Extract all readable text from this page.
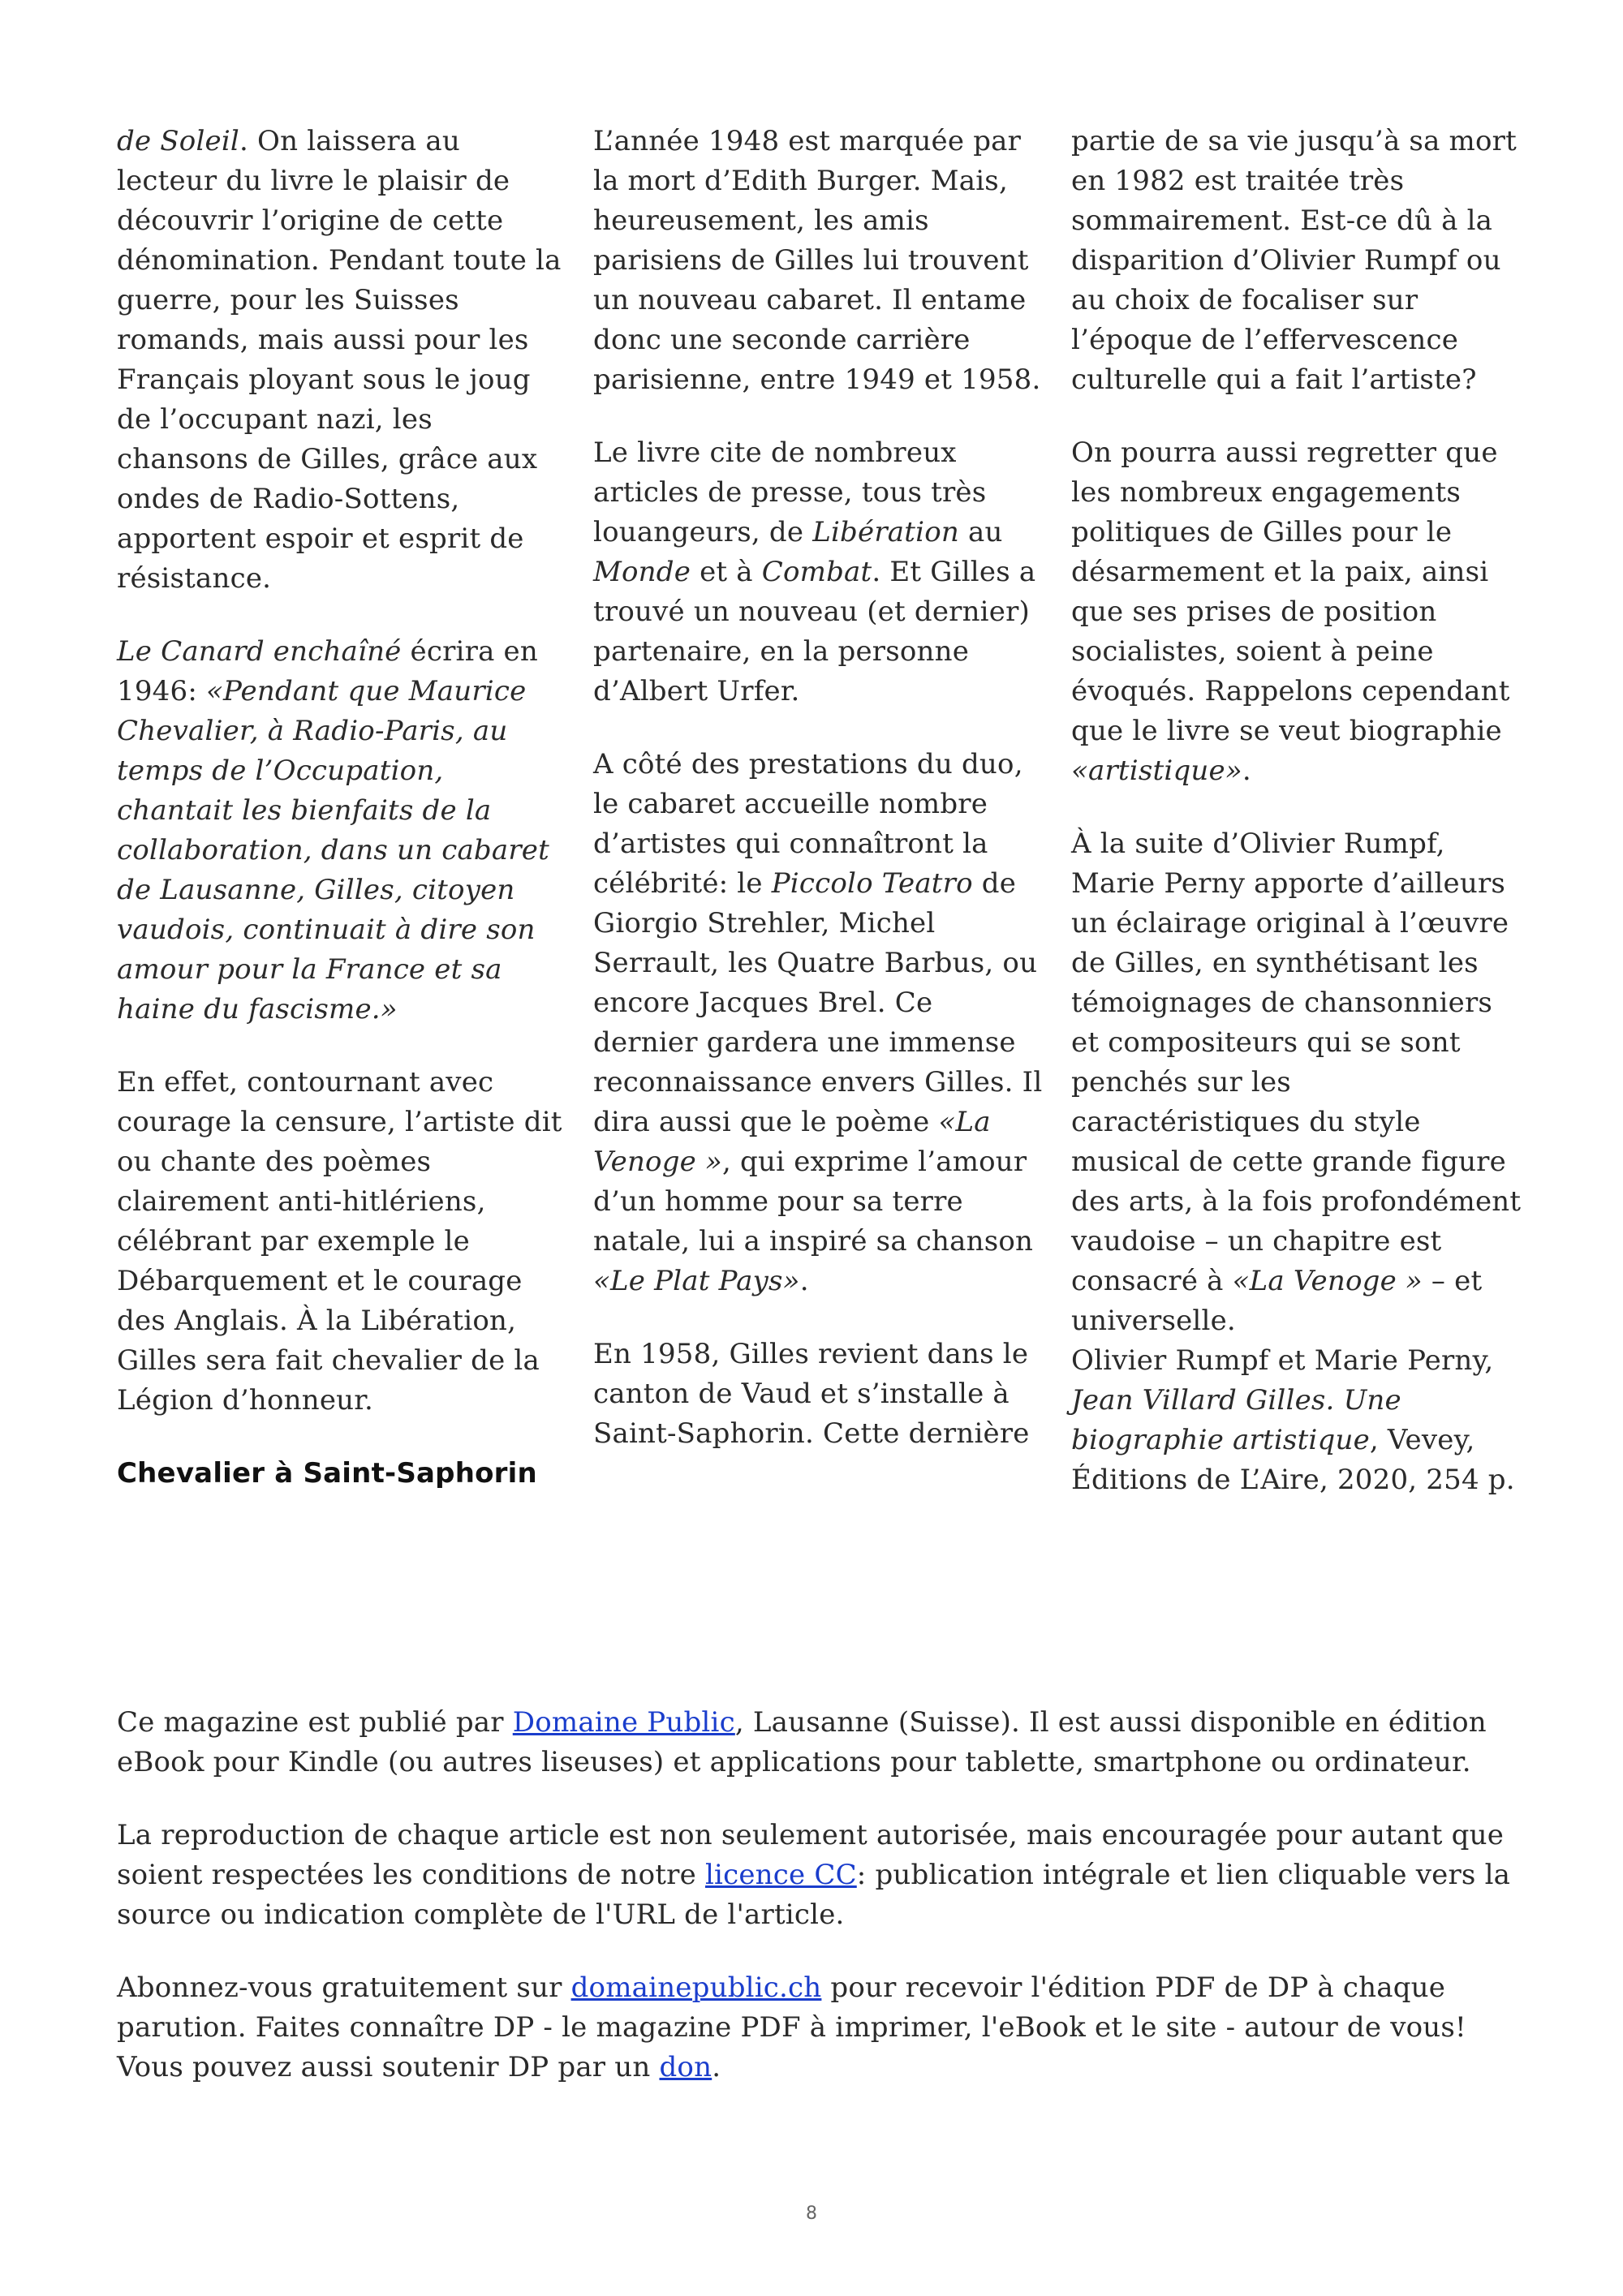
de Soleil. On laissera au lecteur du livre le plaisir de découvrir l’origine de cette dénomination. Pendant toute la guerre, pour les Suisses romands, mais aussi pour les Français ployant sous le joug de l’occupant nazi, les chansons de Gilles, grâce aux ondes de Radio-Sottens, apportent espoir et esprit de résistance.

Le Canard enchaîné écrira en 1946: «Pendant que Maurice Chevalier, à Radio-Paris, au temps de l’Occupation, chantait les bienfaits de la collaboration, dans un cabaret de Lausanne, Gilles, citoyen vaudois, continuait à dire son amour pour la France et sa haine du fascisme.»

En effet, contournant avec courage la censure, l’artiste dit ou chante des poèmes clairement anti-hitlériens, célébrant par exemple le Débarquement et le courage des Anglais. À la Libération, Gilles sera fait chevalier de la Légion d’honneur.

Chevalier à Saint-Saphorin

L’année 1948 est marquée par la mort d’Edith Burger. Mais, heureusement, les amis parisiens de Gilles lui trouvent un nouveau cabaret. Il entame donc une seconde carrière parisienne, entre 1949 et 1958.

Le livre cite de nombreux articles de presse, tous très louangeurs, de Libération au Monde et à Combat. Et Gilles a trouvé un nouveau (et dernier) partenaire, en la personne d’Albert Urfer.

A côté des prestations du duo, le cabaret accueille nombre d’artistes qui connaîtront la célébrité: le Piccolo Teatro de Giorgio Strehler, Michel Serrault, les Quatre Barbus, ou encore Jacques Brel. Ce dernier gardera une immense reconnaissance envers Gilles. Il dira aussi que le poème «La Venoge », qui exprime l’amour d’un homme pour sa terre natale, lui a inspiré sa chanson «Le Plat Pays».

En 1958, Gilles revient dans le canton de Vaud et s’installe à Saint-Saphorin. Cette dernière

partie de sa vie jusqu’à sa mort en 1982 est traitée très sommairement. Est-ce dû à la disparition d’Olivier Rumpf ou au choix de focaliser sur l’époque de l’effervescence culturelle qui a fait l’artiste?

On pourra aussi regretter que les nombreux engagements politiques de Gilles pour le désarmement et la paix, ainsi que ses prises de position socialistes, soient à peine évoqués. Rappelons cependant que le livre se veut biographie «artistique».

À la suite d’Olivier Rumpf, Marie Perny apporte d’ailleurs un éclairage original à l’œuvre de Gilles, en synthétisant les témoignages de chansonniers et compositeurs qui se sont penchés sur les caractéristiques du style musical de cette grande figure des arts, à la fois profondément vaudoise – un chapitre est consacré à «La Venoge » – et universelle.

Olivier Rumpf et Marie Perny, Jean Villard Gilles. Une biographie artistique, Vevey, Éditions de L’Aire, 2020, 254 p.

Ce magazine est publié par Domaine Public, Lausanne (Suisse). Il est aussi disponible en édition eBook pour Kindle (ou autres liseuses) et applications pour tablette, smartphone ou ordinateur.

La reproduction de chaque article est non seulement autorisée, mais encouragée pour autant que soient respectées les conditions de notre licence CC: publication intégrale et lien cliquable vers la source ou indication complète de l'URL de l'article.

Abonnez-vous gratuitement sur domainepublic.ch pour recevoir l'édition PDF de DP à chaque parution. Faites connaître DP - le magazine PDF à imprimer, l'eBook et le site - autour de vous! Vous pouvez aussi soutenir DP par un don.

8
